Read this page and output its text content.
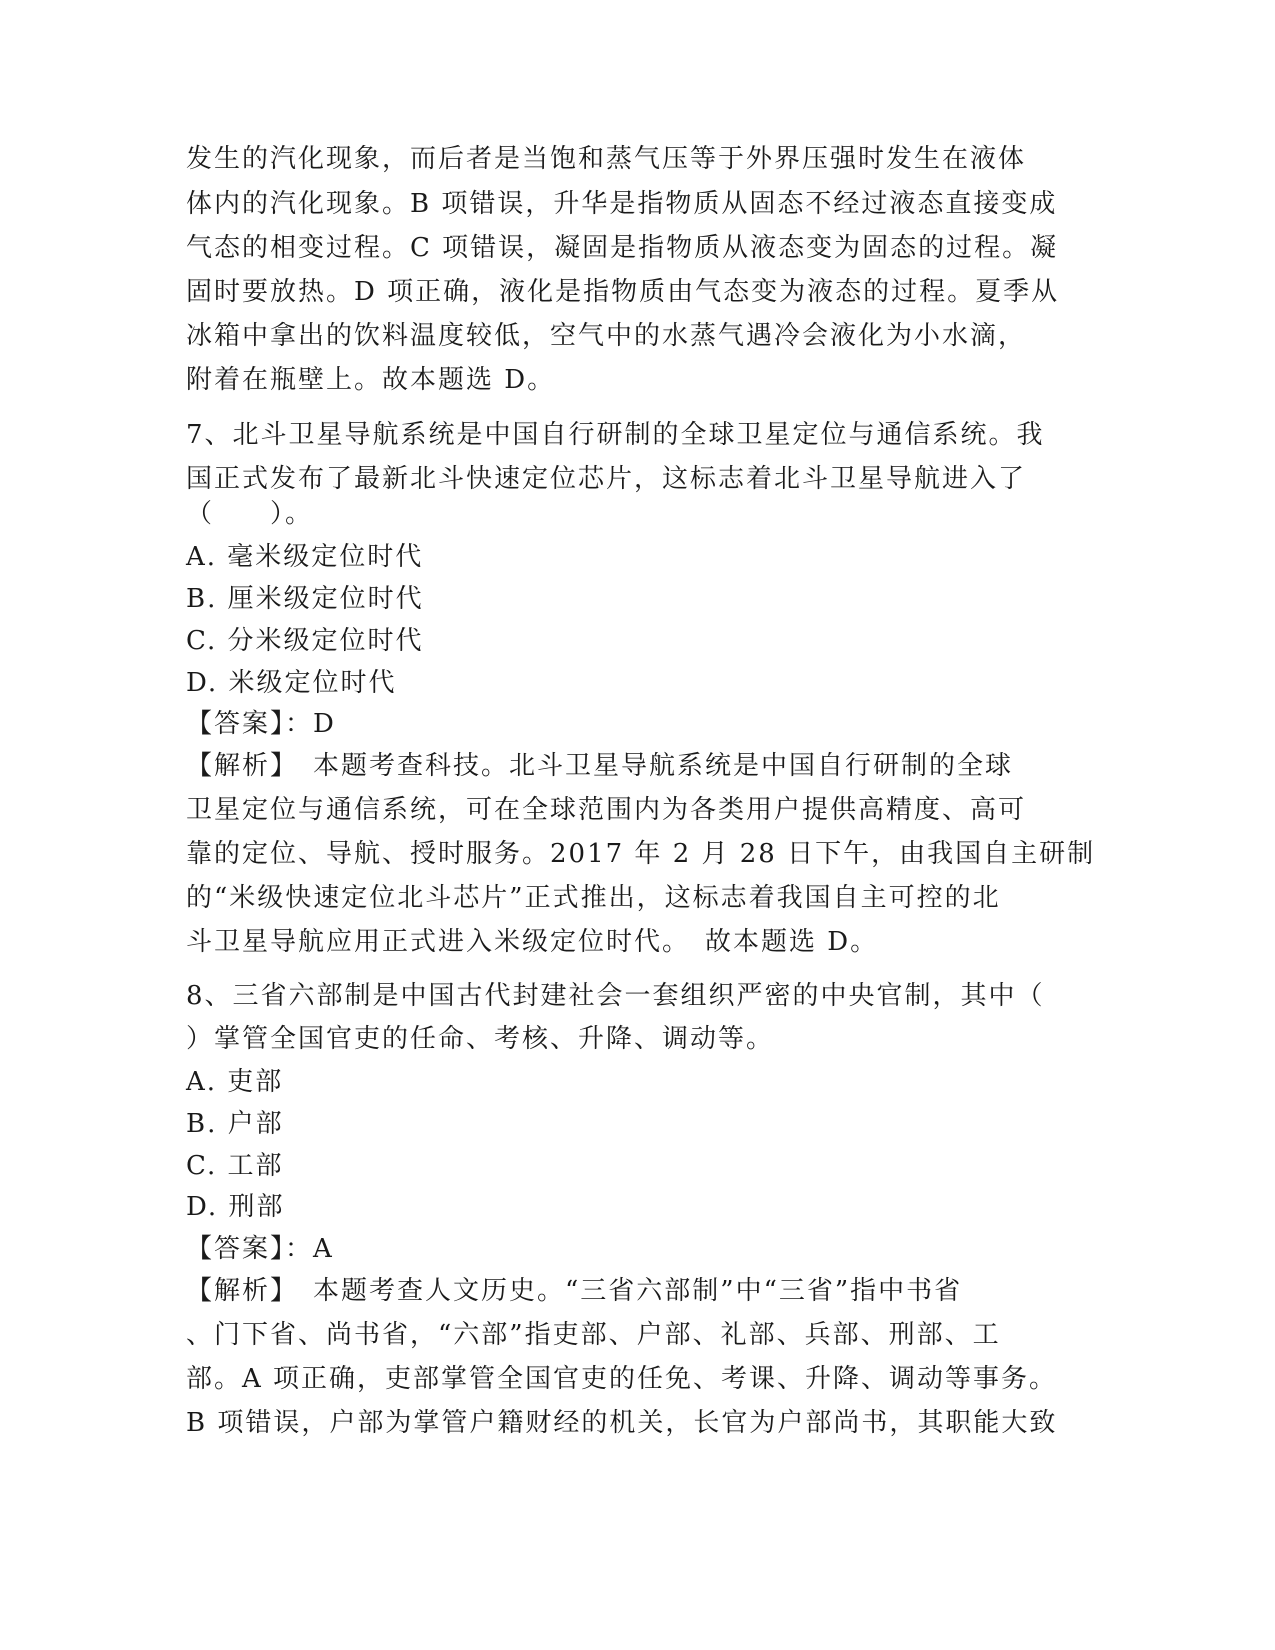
发生的汽化现象，而后者是当饱和蒸气压等于外界压强时发生在液体
体内的汽化现象。B 项错误，升华是指物质从固态不经过液态直接变成
气态的相变过程。C 项错误，凝固是指物质从液态变为固态的过程。凝
固时要放热。D 项正确，液化是指物质由气态变为液态的过程。夏季从
冰箱中拿出的饮料温度较低，空气中的水蒸气遇冷会液化为小水滴，
附着在瓶壁上。故本题选 D。
7、北斗卫星导航系统是中国自行研制的全球卫星定位与通信系统。我
国正式发布了最新北斗快速定位芯片，这标志着北斗卫星导航进入了
（　　）。
A. 毫米级定位时代
B. 厘米级定位时代
C. 分米级定位时代
D. 米级定位时代
【答案】：D
【解析】　本题考查科技。北斗卫星导航系统是中国自行研制的全球
卫星定位与通信系统，可在全球范围内为各类用户提供高精度、高可
靠的定位、导航、授时服务。2017 年 2 月 28 日下午，由我国自主研制
的“米级快速定位北斗芯片”正式推出，这标志着我国自主可控的北
斗卫星导航应用正式进入米级定位时代。　故本题选 D。
8、三省六部制是中国古代封建社会一套组织严密的中央官制，其中（
）掌管全国官吏的任命、考核、升降、调动等。
A. 吏部
B. 户部
C. 工部
D. 刑部
【答案】：A
【解析】　本题考查人文历史。“三省六部制”中“三省”指中书省
、门下省、尚书省，“六部”指吏部、户部、礼部、兵部、刑部、工
部。A 项正确，吏部掌管全国官吏的任免、考课、升降、调动等事务。
B 项错误，户部为掌管户籍财经的机关，长官为户部尚书，其职能大致
